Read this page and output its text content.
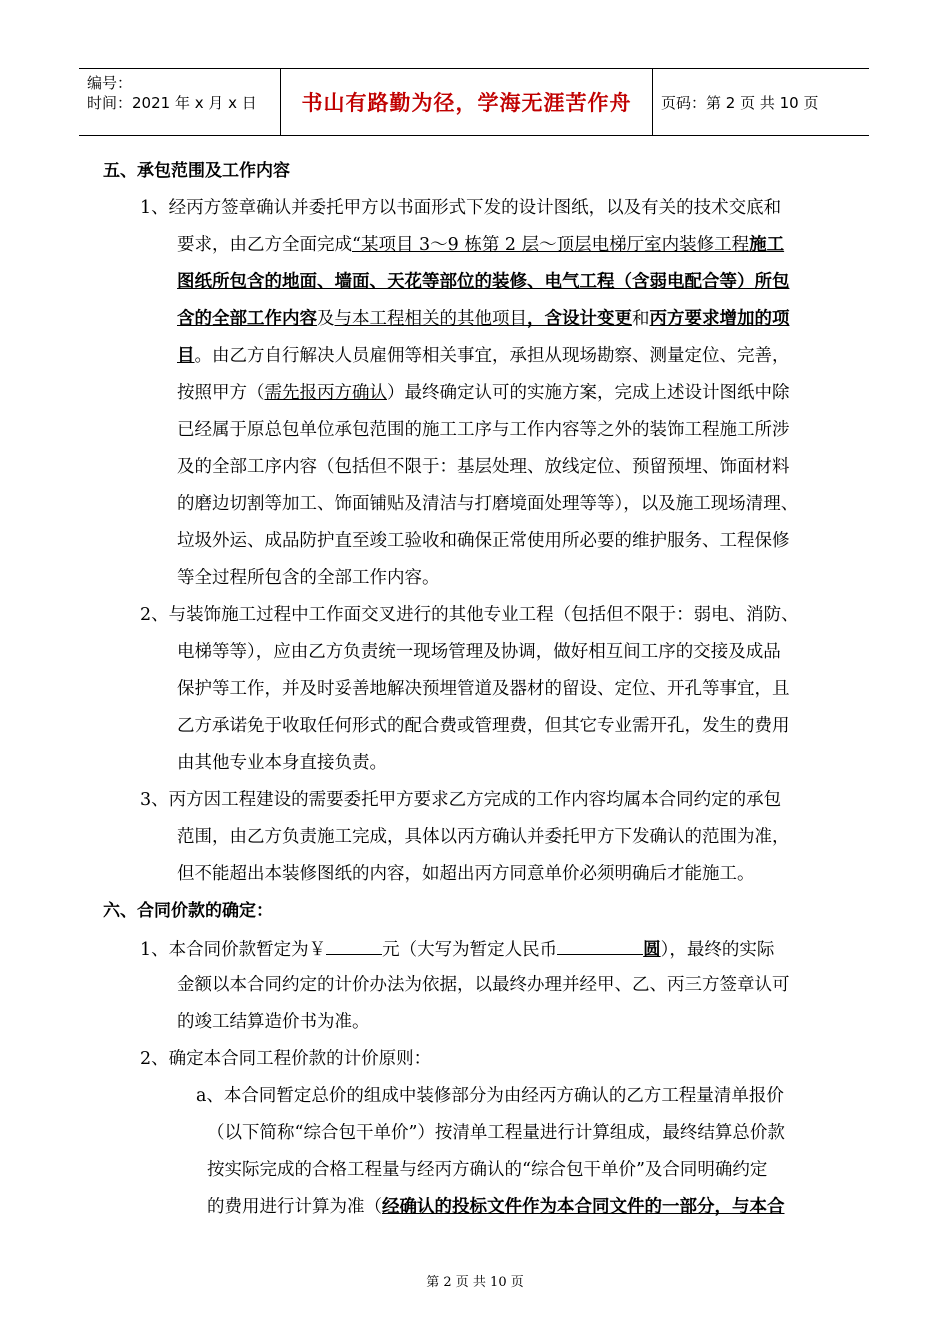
编号：
时间：2021 年 x 月 x 日	书山有路勤为径，学海无涯苦作舟 页码：第 2 页 共 10 页
五、承包范围及工作内容
1、经丙方签章确认并委托甲方以书面形式下发的设计图纸，以及有关的技术交底和
要求，由乙方全面完成“某项目 3～9 栋第 2 层～顶层电梯厅室内装修工程施工
图纸所包含的地面、墙面、天花等部位的装修、电气工程（含弱电配合等）所包
含的全部工作内容及与本工程相关的其他项目，含设计变更和丙方要求增加的项
目。由乙方自行解决人员雇佣等相关事宜，承担从现场勘察、测量定位、完善，
按照甲方（需先报丙方确认）最终确定认可的实施方案，完成上述设计图纸中除
已经属于原总包单位承包范围的施工工序与工作内容等之外的装饰工程施工所涉
及的全部工序内容（包括但不限于：基层处理、放线定位、预留预埋、饰面材料
的磨边切割等加工、饰面铺贴及清洁与打磨境面处理等等），以及施工现场清理、
垃圾外运、成品防护直至竣工验收和确保正常使用所必要的维护服务、工程保修
等全过程所包含的全部工作内容。
2、与装饰施工过程中工作面交叉进行的其他专业工程（包括但不限于：弱电、消防、
电梯等等），应由乙方负责统一现场管理及协调，做好相互间工序的交接及成品
保护等工作，并及时妥善地解决预埋管道及器材的留设、定位、开孔等事宜，且
乙方承诺免于收取任何形式的配合费或管理费，但其它专业需开孔，发生的费用
由其他专业本身直接负责。
3、丙方因工程建设的需要委托甲方要求乙方完成的工作内容均属本合同约定的承包
范围，由乙方负责施工完成，具体以丙方确认并委托甲方下发确认的范围为准，
但不能超出本装修图纸的内容，如超出丙方同意单价必须明确后才能施工。
六、合同价款的确定：
1、本合同价款暂定为￥	元（大写为暂定人民币	圆），最终的实际
金额以本合同约定的计价办法为依据，以最终办理并经甲、乙、丙三方签章认可
的竣工结算造价书为准。
2、确定本合同工程价款的计价原则：
a、本合同暂定总价的组成中装修部分为由经丙方确认的乙方工程量清单报价
（以下简称“综合包干单价”）按清单工程量进行计算组成，最终结算总价款
按实际完成的合格工程量与经丙方确认的“综合包干单价”及合同明确约定
的费用进行计算为准（经确认的投标文件作为本合同文件的一部分，与本合
第 2 页 共 10 页
